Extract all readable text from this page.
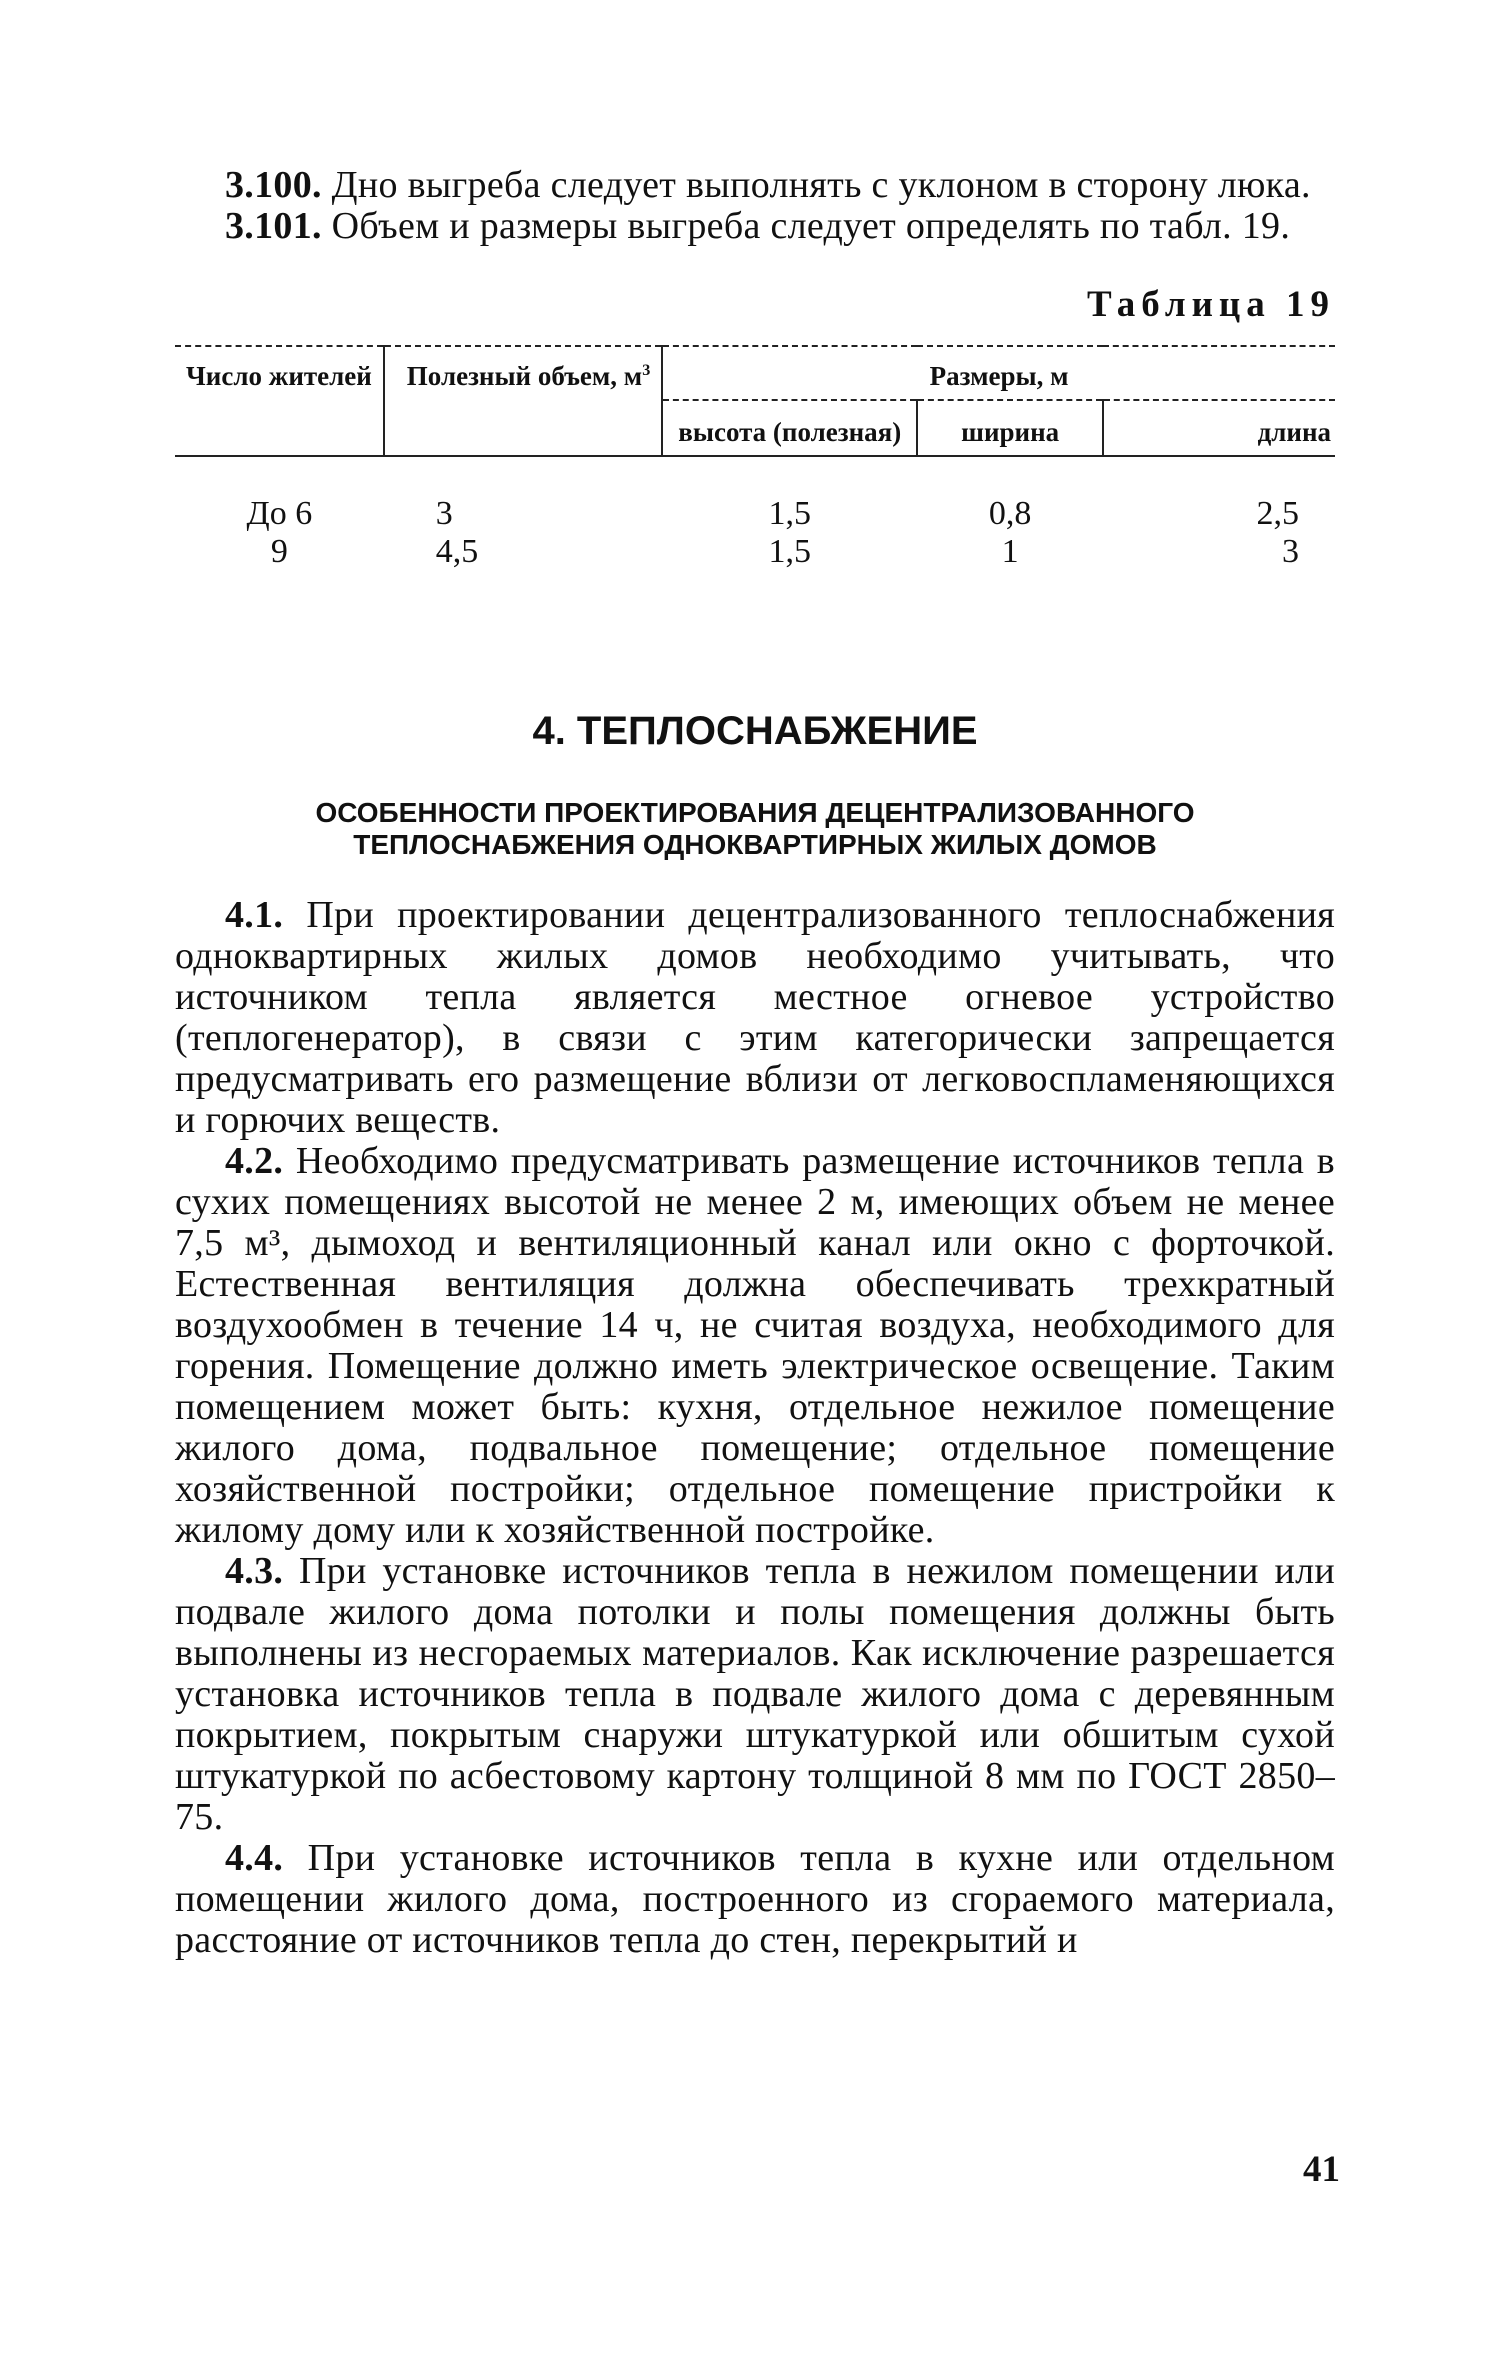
3.100. Дно выгреба следует выполнять с уклоном в сторону люка.

3.101. Объем и размеры выгреба следует определять по табл. 19.

Таблица 19
Число жителей	Полезный объем, $м^3$	Размеры, м		
		высота (полезная)	ширина	длина
До 6	3	1,5	0,8	2,5
9	4,5	1,5	1	3
4. ТЕПЛОСНАБЖЕНИЕ
ОСОБЕННОСТИ ПРОЕКТИРОВАНИЯ ДЕЦЕНТРАЛИЗОВАННОГО
ТЕПЛОСНАБЖЕНИЯ ОДНОКВАРТИРНЫХ ЖИЛЫХ ДОМОВ

4.1. При проектировании децентрализованного теплоснабжения одноквартирных жилых домов необходимо учитывать, что источником тепла является местное огневое устройство (теплогенератор), в связи с этим категорически запрещается предусматривать его размещение вблизи от легковоспламеняющихся и горючих веществ.

4.2. Необходимо предусматривать размещение источников тепла в сухих помещениях высотой не менее 2 м, имеющих объем не менее 7,5 м³, дымоход и вентиляционный канал или окно с форточкой. Естественная вентиляция должна обеспечивать трехкратный воздухообмен в течение 14 ч, не считая воздуха, необходимого для горения. Помещение должно иметь электрическое освещение. Таким помещением может быть: кухня, отдельное нежилое помещение жилого дома, подвальное помещение; отдельное помещение хозяйственной постройки; отдельное помещение пристройки к жилому дому или к хозяйственной постройке.

4.3. При установке источников тепла в нежилом помещении или подвале жилого дома потолки и полы помещения должны быть выполнены из несгораемых материалов. Как исключение разрешается установка источников тепла в подвале жилого дома с деревянным покрытием, покрытым снаружи штукатуркой или обшитым сухой штукатуркой по асбестовому картону толщиной 8 мм по ГОСТ 2850–75.

4.4. При установке источников тепла в кухне или отдельном помещении жилого дома, построенного из сгораемого материала, расстояние от источников тепла до стен, перекрытий и

41
